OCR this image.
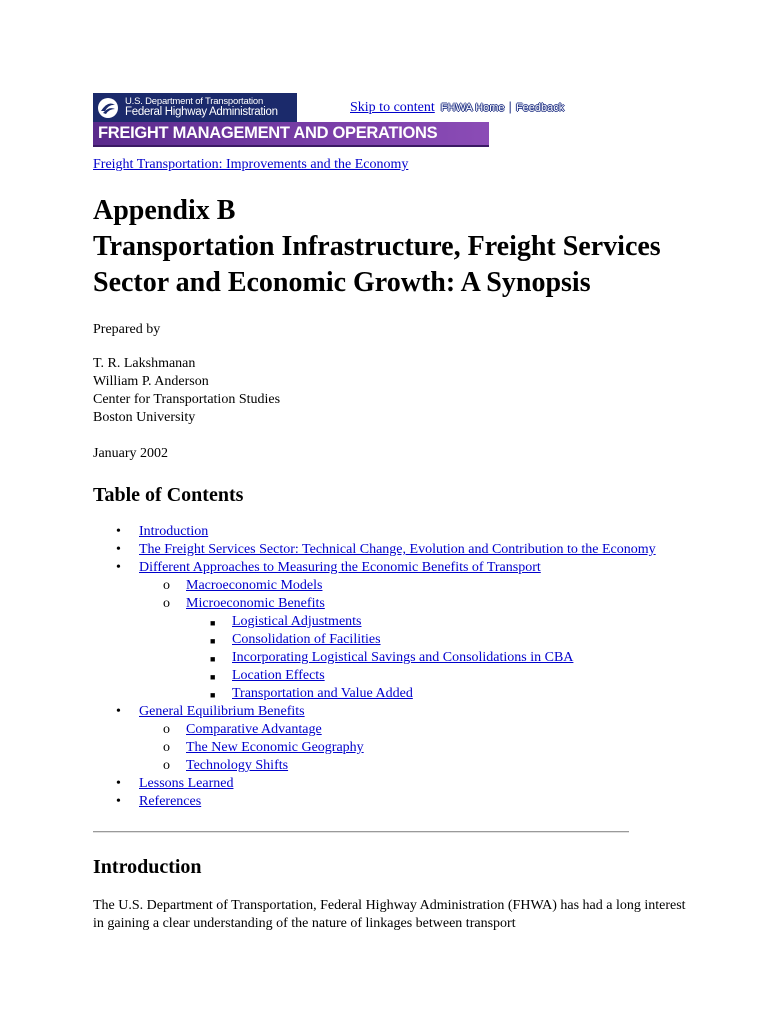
U.S. Department of Transportation
Federal Highway Administration
FREIGHT MANAGEMENT AND OPERATIONS
Skip to content FHWA Home | Feedback
Freight Transportation: Improvements and the Economy
Appendix B
Transportation Infrastructure, Freight Services Sector and Economic Growth: A Synopsis

Prepared by

T. R. Lakshmanan
William P. Anderson
Center for Transportation Studies
Boston University

January 2002

Table of Contents
• Introduction
• The Freight Services Sector: Technical Change, Evolution and Contribution to the Economy
• Different Approaches to Measuring the Economic Benefits of Transport
o Macroeconomic Models
o Microeconomic Benefits
■ Logistical Adjustments
■ Consolidation of Facilities
■ Incorporating Logistical Savings and Consolidations in CBA
■ Location Effects
■ Transportation and Value Added
• General Equilibrium Benefits
o Comparative Advantage
o The New Economic Geography
o Technology Shifts
• Lessons Learned
• References
Introduction

The U.S. Department of Transportation, Federal Highway Administration (FHWA) has had a long interest in gaining a clear understanding of the nature of linkages between transport
